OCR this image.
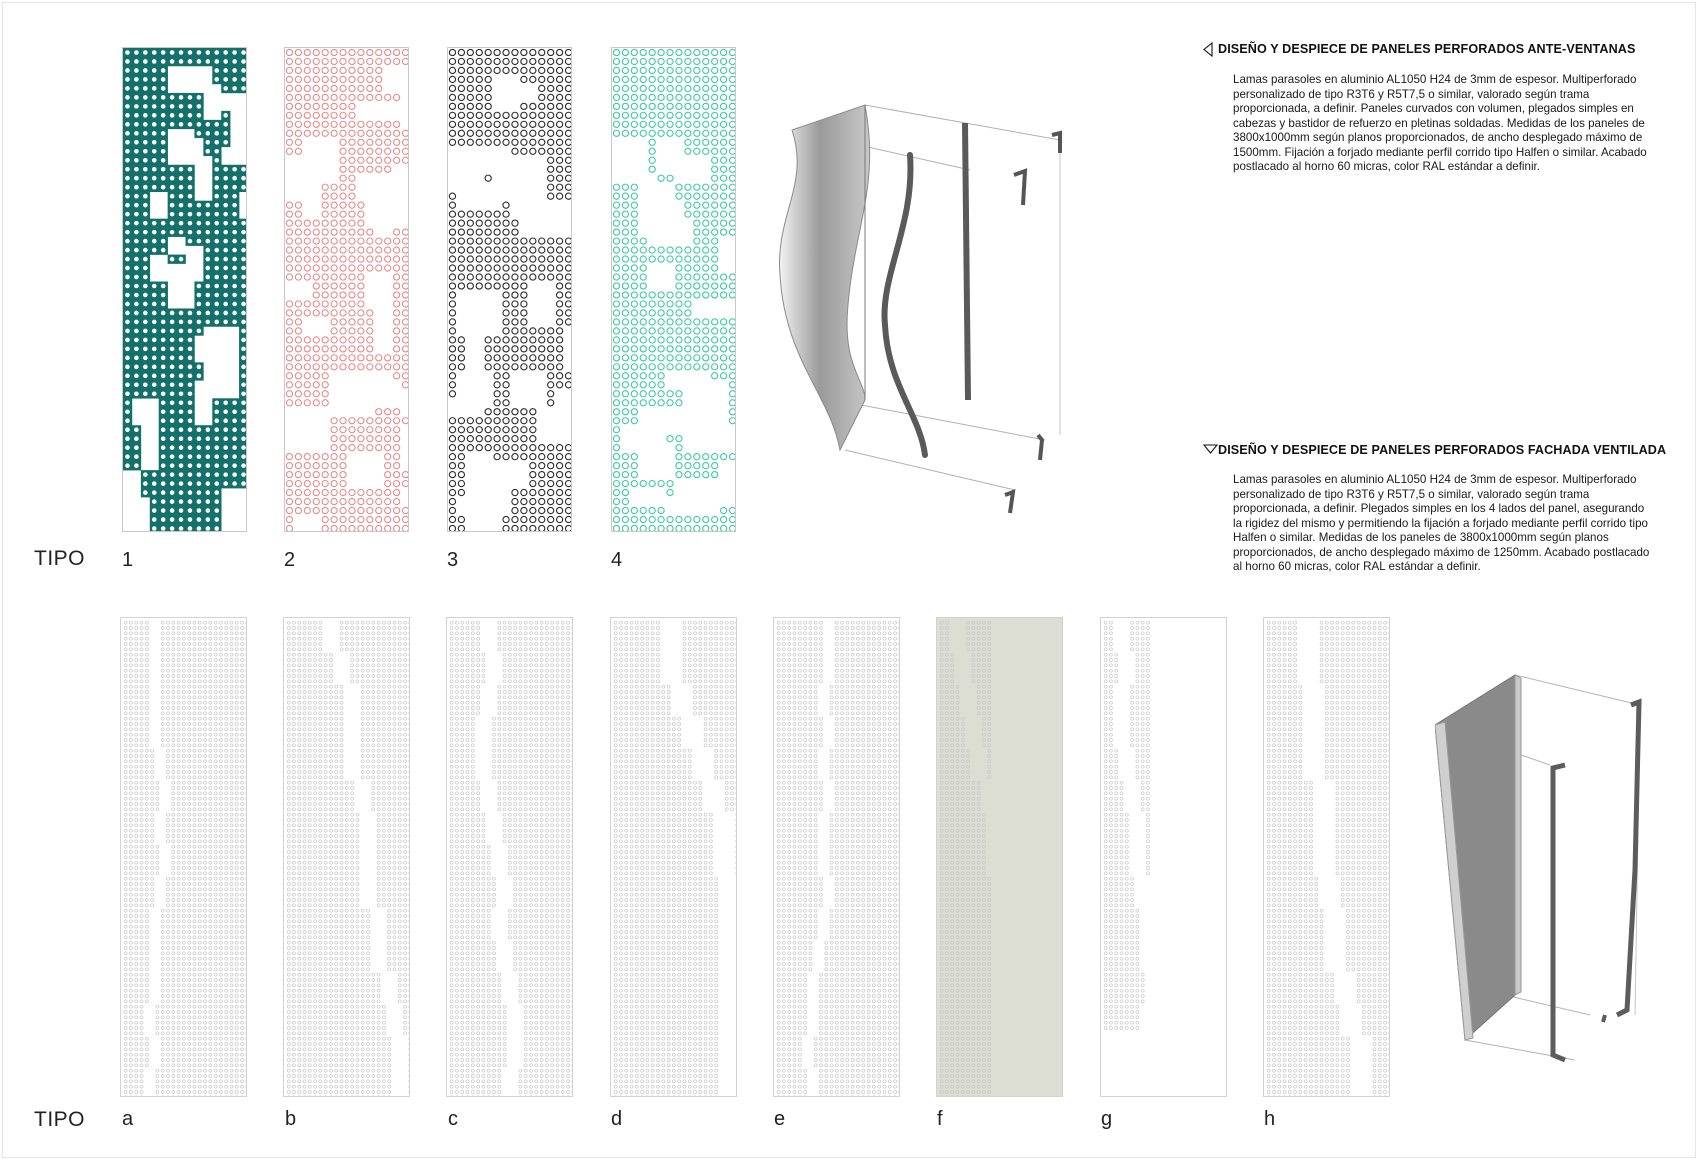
TIPO 1	2	3	4
DISEÑO Y DESPIECE DE PANELES PERFORADOS ANTE-VENTANAS
Lamas parasoles en aluminio AL1050 H24 de 3mm de espesor. Multiperforado personalizado de tipo R3T6 y R5T7,5 o similar, valorado según trama proporcionada, a definir. Paneles curvados con volumen, plegados simples en cabezas y bastidor de refuerzo en pletinas soldadas. Medidas de los paneles de 3800x1000mm según planos proporcionados, de ancho desplegado máximo de 1500mm. Fijación a forjado mediante perfil corrido tipo Halfen o similar. Acabado postlacado al horno 60 micras, color RAL estándar a definir.
DISEÑO Y DESPIECE DE PANELES PERFORADOS FACHADA VENTILADA
Lamas parasoles en aluminio AL1050 H24 de 3mm de espesor. Multiperforado personalizado de tipo R3T6 y R5T7,5 o similar, valorado según trama proporcionada, a definir. Plegados simples en los 4 lados del panel, asegurando la rigidez del mismo y permitiendo la fijación a forjado mediante perfil corrido tipo Halfen o similar. Medidas de los paneles de 3800x1000mm según planos proporcionados, de ancho desplegado máximo de 1250mm. Acabado postlacado al horno 60 micras, color RAL estándar a definir.
TIPO a	b	c	d	e	f	g	h
